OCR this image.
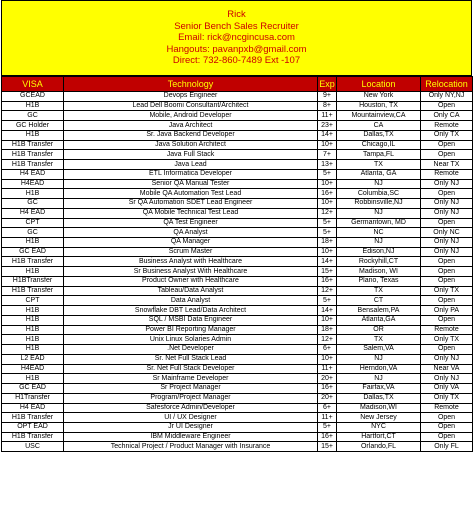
Rick
Senior Bench Sales Recruiter
Email: rick@ncgincusa.com
Hangouts: pavanpxb@gmail.com
Direct: 732-860-7489 Ext -107
VISA	Technology	Exp	Location	Relocation
GCEAD	Devops Engineer	9+	New York	Only NY,NJ
H1B	Lead Dell Boomi Consultant/Architect	8+	Houston, TX	Open
GC	Mobile, Android Developer	11+	Mountainview,CA	Only CA
GC Holder	Java Architect	23+	CA	Remote
H1B	Sr. Java Backend Developer	14+	Dallas,TX	Only TX
H1B Transfer	Java Solution Architect	10+	Chicago,IL	Open
H1B Transfer	Java Full Stack	7+	Tampa,FL	Open
H1B Transfer	Java Lead	13+	TX	Near TX
H4 EAD	ETL Informatica Developer	5+	Atlanta, GA	Remote
H4EAD	Senior QA Manual Tester	10+	NJ	Only NJ
H1B	Mobile QA Automation Test Lead	16+	Columbia,SC	Open
GC	Sr QA Automation SDET Lead Engineer	10+	Robbinsville,NJ	Only NJ
H4 EAD	QA Mobile Technical Test Lead	12+	NJ	Only NJ
CPT	QA Test Engineer	5+	Germantown, MD	Open
GC	QA Analyst	5+	NC	Only NC
H1B	QA Manager	18+	NJ	Only NJ
GC EAD	Scrum Master	10+	Edison,NJ	Only NJ
H1B Transfer	Business Analyst with Healthcare	14+	Rockyhill,CT	Open
H1B	Sr Business Analyst With Healthcare	15+	Madison, WI	Open
H1BTransfer	Product Owner with Healthcare	16+	Plano, Texas	Open
H1B Transfer	Tableau/Data Analyst	12+	TX	Only TX
CPT	Data Analyst	5+	CT	Open
H1B	Snowflake DBT Lead/Data Architect	14+	Bensalem,PA	Only PA
H1B	SQL / MSBI Data Engineer	10+	Atlanta,GA	Open
H1B	Power BI Reporting Manager	18+	OR	Remote
H1B	Unix Linux Solaries Admin	12+	TX	Only TX
H1B	.Net Developer	6+	Salem,VA	Open
L2 EAD	Sr. Net Full Stack Lead	10+	NJ	Only NJ
H4EAD	Sr. Net Full Stack Developer	11+	Herndon,VA	Near VA
H1B	Sr Mainframe Developer	20+	NJ	Only NJ
GC EAD	Sr Project Manager	16+	Fairfax,VA	Only VA
H1Transfer	Program/Project Manager	20+	Dallas,TX	Only TX
H4 EAD	Safesforce Admin/Developer	6+	Madison,WI	Remote
H1B Transfer	UI / UX Designer	11+	New Jersey	Open
OPT EAD	Jr UI Designer	5+	NYC	Open
H1B Transfer	IBM Middleware Engineer	16+	Hartfort,CT	Open
USC	Technical Project / Product Manager with Insurance	15+	Orlando,FL	Only FL
